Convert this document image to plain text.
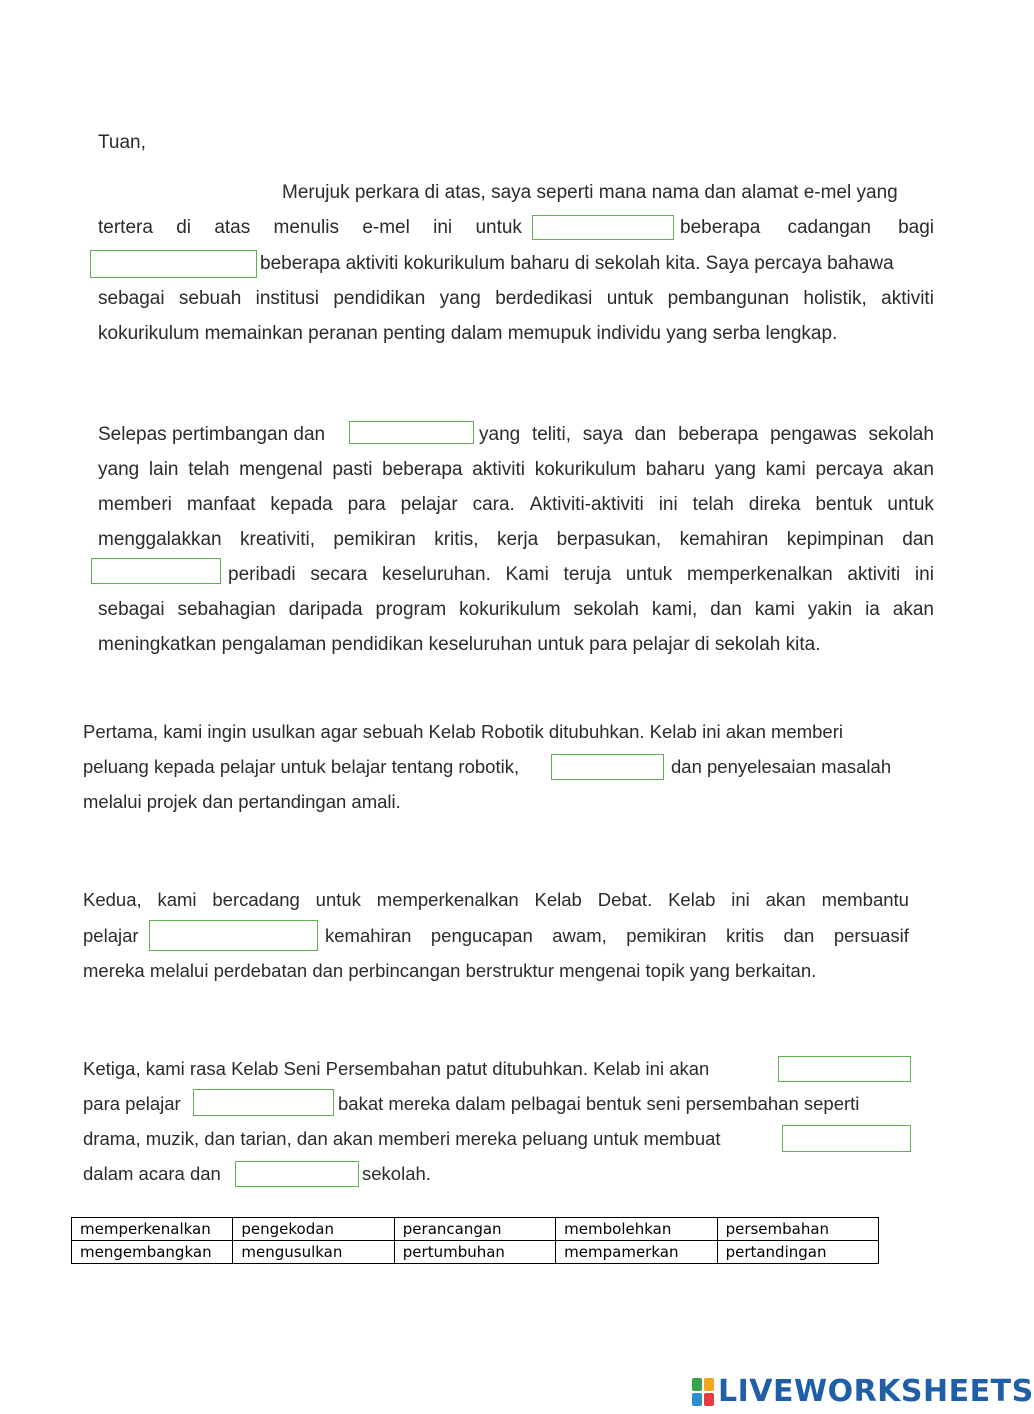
Tuan,
Merujuk perkara di atas, saya seperti mana nama dan alamat e-mel yang
tertera di atas menulis e-mel ini untuk	beberapa cadangan bagi
beberapa aktiviti kokurikulum baharu di sekolah kita. Saya percaya bahawa
sebagai sebuah institusi pendidikan yang berdedikasi untuk pembangunan holistik, aktiviti
kokurikulum memainkan peranan penting dalam memupuk individu yang serba lengkap.
Selepas pertimbangan dan	yang teliti, saya dan beberapa pengawas sekolah
yang lain telah mengenal pasti beberapa aktiviti kokurikulum baharu yang kami percaya akan
memberi manfaat kepada para pelajar cara. Aktiviti-aktiviti ini telah direka bentuk untuk
menggalakkan kreativiti, pemikiran kritis, kerja berpasukan, kemahiran kepimpinan dan
peribadi secara keseluruhan. Kami teruja untuk memperkenalkan aktiviti ini
sebagai sebahagian daripada program kokurikulum sekolah kami, dan kami yakin ia akan
meningkatkan pengalaman pendidikan keseluruhan untuk para pelajar di sekolah kita.
Pertama, kami ingin usulkan agar sebuah Kelab Robotik ditubuhkan. Kelab ini akan memberi
peluang kepada pelajar untuk belajar tentang robotik,	dan penyelesaian masalah
melalui projek dan pertandingan amali.
Kedua, kami bercadang untuk memperkenalkan Kelab Debat. Kelab ini akan membantu
pelajar	kemahiran pengucapan awam, pemikiran kritis dan persuasif
mereka melalui perdebatan dan perbincangan berstruktur mengenai topik yang berkaitan.
Ketiga, kami rasa Kelab Seni Persembahan patut ditubuhkan. Kelab ini akan
para pelajar	bakat mereka dalam pelbagai bentuk seni persembahan seperti
drama, muzik, dan tarian, dan akan memberi mereka peluang untuk membuat
dalam acara dan	sekolah.
memperkenalkan	pengekodan	perancangan	membolehkan	persembahan
mengembangkan	mengusulkan	pertumbuhan	mempamerkan	pertandingan
LIVEWORKSHEETS
